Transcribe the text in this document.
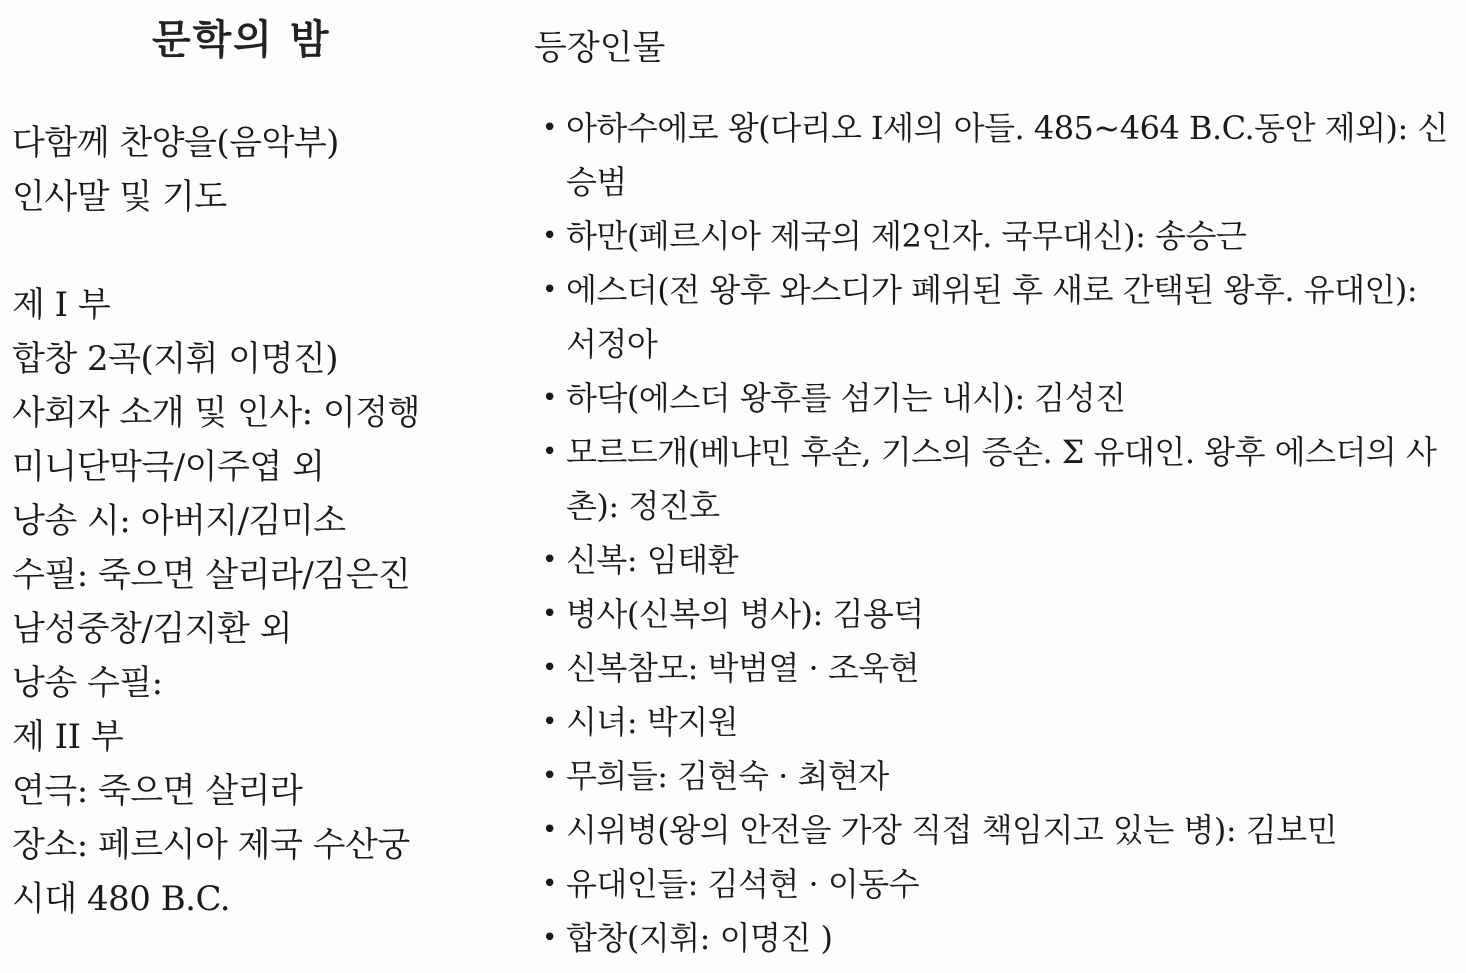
문학의 밤
다함께 찬양을(음악부)
인사말 및 기도
제 I 부
합창 2곡(지휘 이명진)
사회자 소개 및 인사: 이정행
미니단막극/이주엽 외
낭송 시: 아버지/김미소
수필: 죽으면 살리라/김은진
남성중창/김지환 외
낭송 수필:
제 II 부
연극: 죽으면 살리라
장소: 페르시아 제국 수산궁
시대 480 B.C.
등장인물
• 아하수에로 왕(다리오 I세의 아들. 485~464 B.C.동안 제외): 신승범
• 하만(페르시아 제국의 제2인자. 국무대신): 송승근
• 에스더(전 왕후 와스디가 폐위된 후 새로 간택된 왕후. 유대인): 서정아
• 하닥(에스더 왕후를 섬기는 내시): 김성진
• 모르드개(베냐민 후손, 기스의 증손. Σ 유대인. 왕후 에스더의 사촌): 정진호
• 신복: 임태환
• 병사(신복의 병사): 김용덕
• 신복참모: 박범열 · 조욱현
• 시녀: 박지원
• 무희들: 김현숙 · 최현자
• 시위병(왕의 안전을 가장 직접 책임지고 있는 병): 김보민
• 유대인들: 김석현 · 이동수
• 합창(지휘: 이명진 )
